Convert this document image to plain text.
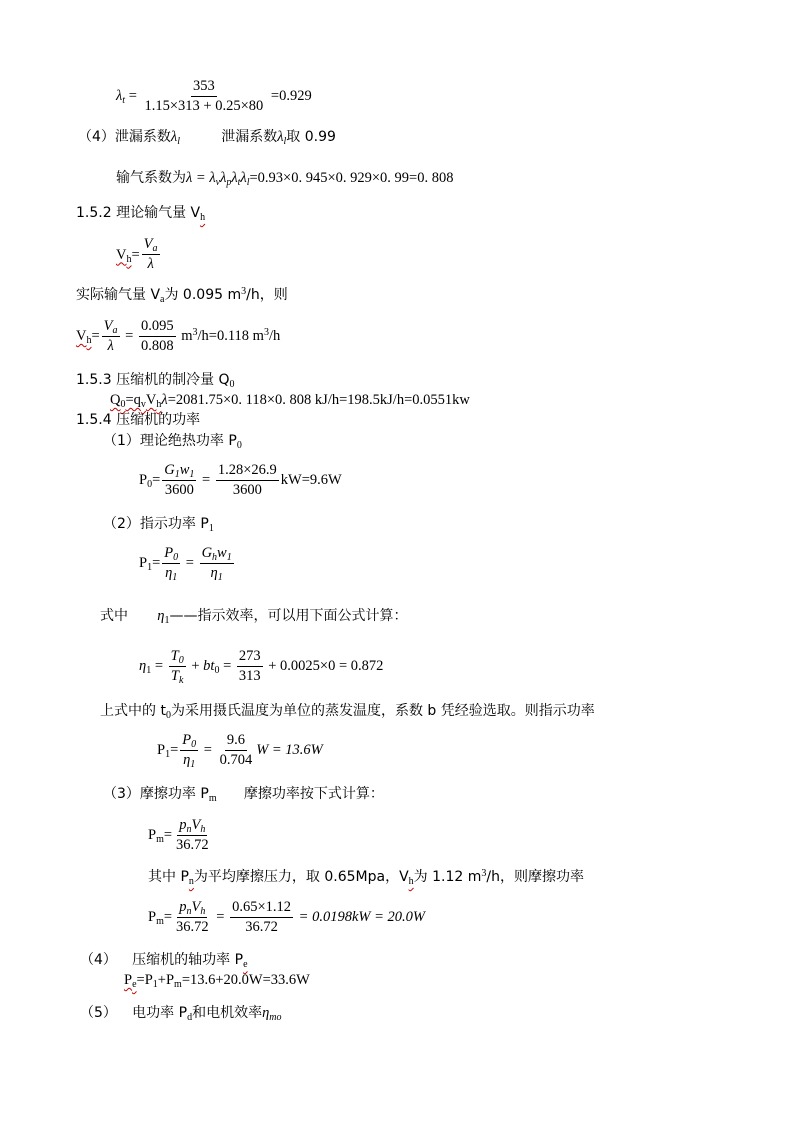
$\lambda_t = \frac{353}{1.15\times 313 + 0.25\times 80} =0.929$
（4）泄漏系数$\lambda_l$	泄漏系数$\lambda_l$取 0.99
输气系数为$\lambda = \lambda_v\lambda_p\lambda_t\lambda_l=0.93\times 0$. 945×0. 929×0. 99=0. 808
1.5.2 理论输气量 $V_h$
$V_h= \frac{V_a}{\lambda}$
实际输气量 $V_a$为 0.095 $m^3/h$，则
$V_h= \frac{V_a}{\lambda} = \frac{0.095}{0.808} m^3/h=0.118$ $m^3/h$
1.5.3 压缩机的制冷量 $Q_0$
$Q_0=q_vV_h\lambda=2081.75\times 0$. 118×0. 808 kJ/h=198.5kJ/h=0.0551kw
1.5.4 压缩机的功率
（1）理论绝热功率 $P_0$
$P_0= \frac{G_1w_1}{3600} = \frac{1.28\times 26.9}{3600} kW=9.6W$
（2）指示功率 $P_1$
$P_1= \frac{P_0}{\eta_1} = \frac{G_hw_1}{\eta_1}$
式中 $\eta_1——$指示效率，可以用下面公式计算：
$\eta_1 = \frac{T_0}{T_k} + bt_0 = \frac{273}{313} + 0.0025\times 0 = 0.872$
上式中的 $t_0$为采用摄氏温度为单位的蒸发温度，系数 b 凭经验选取。则指示功率
$P_1= \frac{P_0}{\eta_1} = \frac{9.6}{0.704}$ W = 13.6W
（3）摩擦功率 $P_m$ 摩擦功率按下式计算：
$P_m= \frac{p_nV_h}{36.72}$
其中 $P_n$为平均摩擦压力，取 0.65Mpa，$V_h$为 1.12 $m^3/h$，则摩擦功率
$P_m= \frac{p_nV_h}{36.72} = \frac{0.65\times 1.12}{36.72} = 0.0198kW = 20.0W$
（4） 压缩机的轴功率 $P_e$
$P_e=P_1+P_m=13.6+20.0W=33.6W$
（5） 电功率 $P_d$和电机效率$\eta_{mo}$
